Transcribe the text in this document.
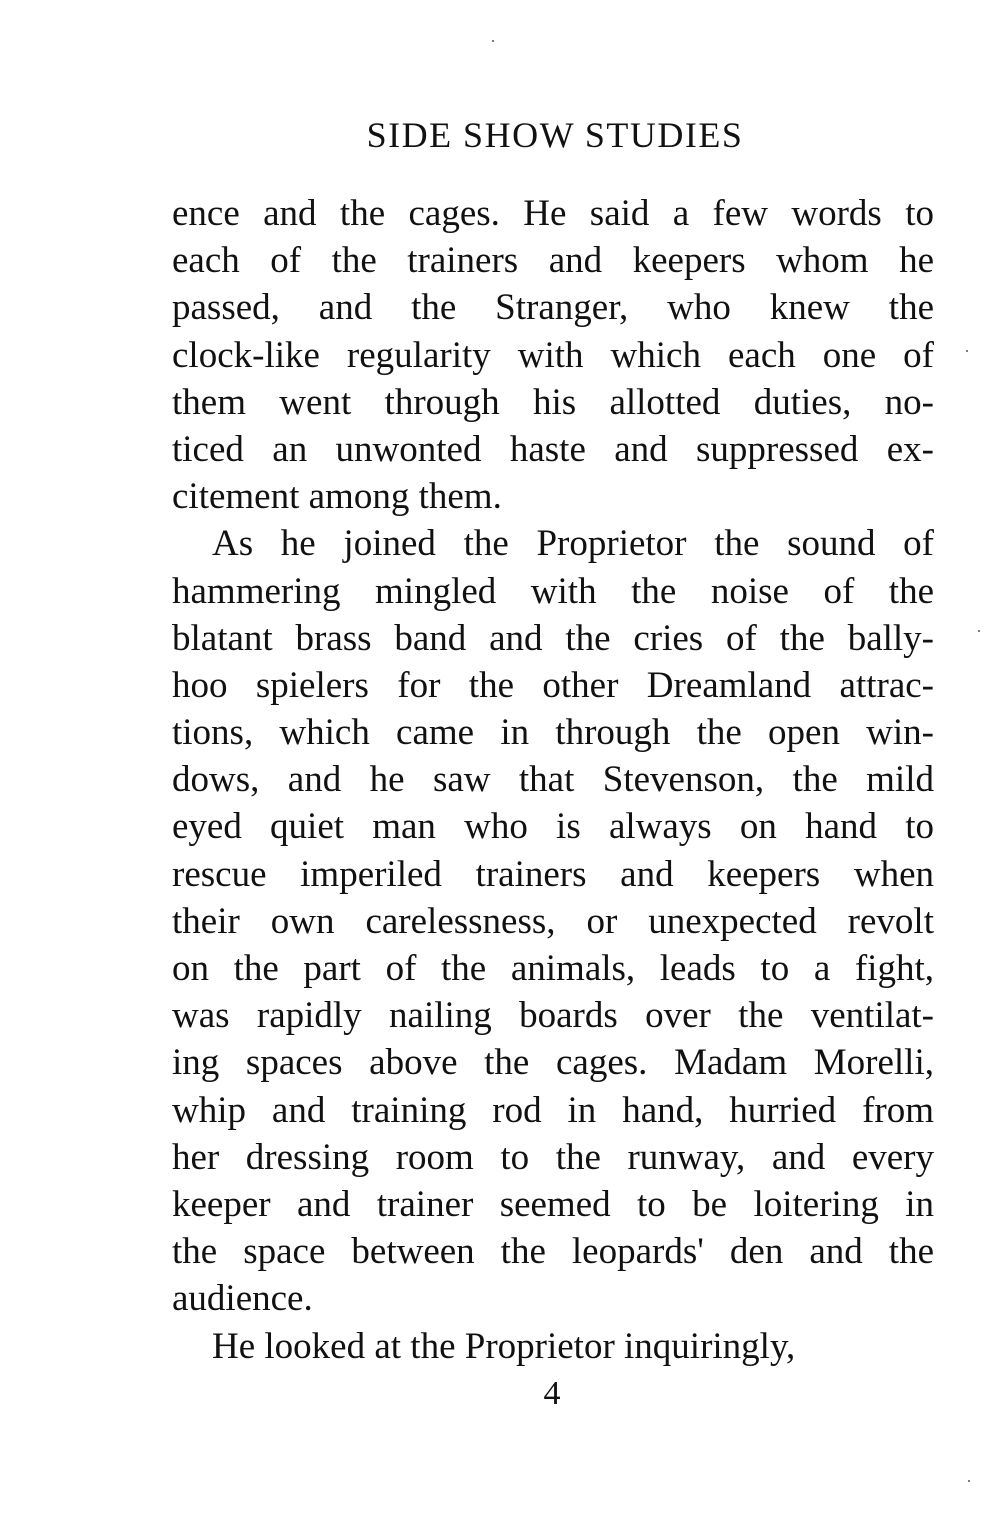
SIDE SHOW STUDIES
ence and the cages. He said a few words to
each of the trainers and keepers whom he
passed, and the Stranger, who knew the
clock-like regularity with which each one of
them went through his allotted duties, no-
ticed an unwonted haste and suppressed ex-
citement among them.
As he joined the Proprietor the sound of
hammering mingled with the noise of the
blatant brass band and the cries of the bally-
hoo spielers for the other Dreamland attrac-
tions, which came in through the open win-
dows, and he saw that Stevenson, the mild
eyed quiet man who is always on hand to
rescue imperiled trainers and keepers when
their own carelessness, or unexpected revolt
on the part of the animals, leads to a fight,
was rapidly nailing boards over the ventilat-
ing spaces above the cages. Madam Morelli,
whip and training rod in hand, hurried from
her dressing room to the runway, and every
keeper and trainer seemed to be loitering in
the space between the leopards' den and the
audience.
He looked at the Proprietor inquiringly,
4
